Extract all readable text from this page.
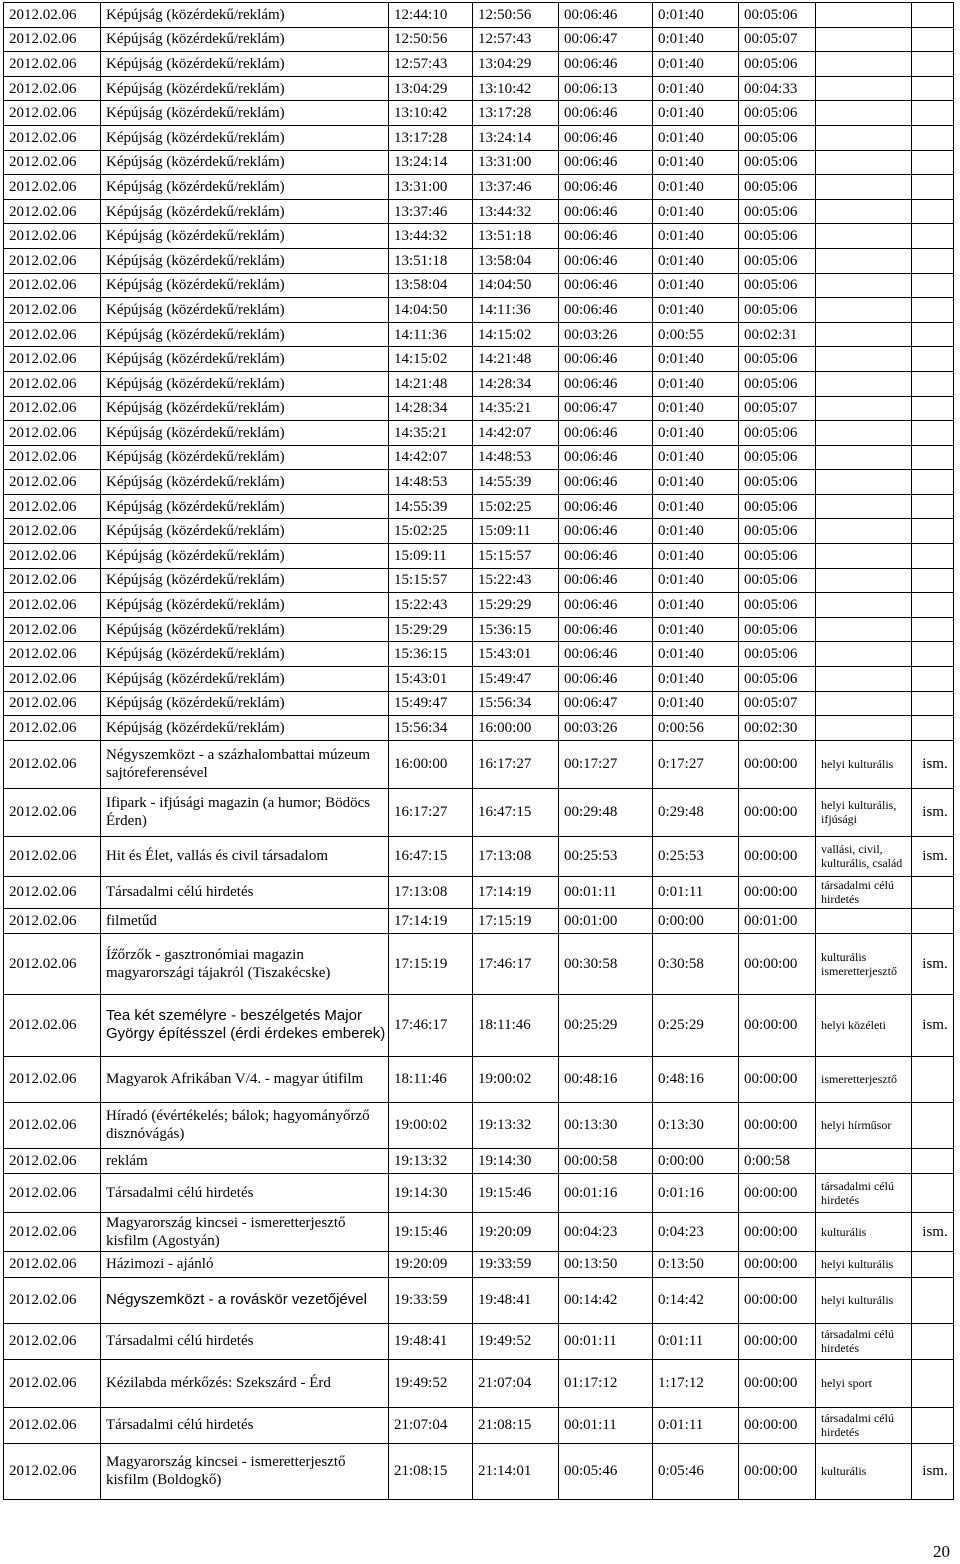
2012.02.06	Képújság (közérdekű/reklám)	12:44:10	12:50:56	00:06:46	0:01:40	00:05:06		
2012.02.06	Képújság (közérdekű/reklám)	12:50:56	12:57:43	00:06:47	0:01:40	00:05:07		
2012.02.06	Képújság (közérdekű/reklám)	12:57:43	13:04:29	00:06:46	0:01:40	00:05:06		
2012.02.06	Képújság (közérdekű/reklám)	13:04:29	13:10:42	00:06:13	0:01:40	00:04:33		
2012.02.06	Képújság (közérdekű/reklám)	13:10:42	13:17:28	00:06:46	0:01:40	00:05:06		
2012.02.06	Képújság (közérdekű/reklám)	13:17:28	13:24:14	00:06:46	0:01:40	00:05:06		
2012.02.06	Képújság (közérdekű/reklám)	13:24:14	13:31:00	00:06:46	0:01:40	00:05:06		
2012.02.06	Képújság (közérdekű/reklám)	13:31:00	13:37:46	00:06:46	0:01:40	00:05:06		
2012.02.06	Képújság (közérdekű/reklám)	13:37:46	13:44:32	00:06:46	0:01:40	00:05:06		
2012.02.06	Képújság (közérdekű/reklám)	13:44:32	13:51:18	00:06:46	0:01:40	00:05:06		
2012.02.06	Képújság (közérdekű/reklám)	13:51:18	13:58:04	00:06:46	0:01:40	00:05:06		
2012.02.06	Képújság (közérdekű/reklám)	13:58:04	14:04:50	00:06:46	0:01:40	00:05:06		
2012.02.06	Képújság (közérdekű/reklám)	14:04:50	14:11:36	00:06:46	0:01:40	00:05:06		
2012.02.06	Képújság (közérdekű/reklám)	14:11:36	14:15:02	00:03:26	0:00:55	00:02:31		
2012.02.06	Képújság (közérdekű/reklám)	14:15:02	14:21:48	00:06:46	0:01:40	00:05:06		
2012.02.06	Képújság (közérdekű/reklám)	14:21:48	14:28:34	00:06:46	0:01:40	00:05:06		
2012.02.06	Képújság (közérdekű/reklám)	14:28:34	14:35:21	00:06:47	0:01:40	00:05:07		
2012.02.06	Képújság (közérdekű/reklám)	14:35:21	14:42:07	00:06:46	0:01:40	00:05:06		
2012.02.06	Képújság (közérdekű/reklám)	14:42:07	14:48:53	00:06:46	0:01:40	00:05:06		
2012.02.06	Képújság (közérdekű/reklám)	14:48:53	14:55:39	00:06:46	0:01:40	00:05:06		
2012.02.06	Képújság (közérdekű/reklám)	14:55:39	15:02:25	00:06:46	0:01:40	00:05:06		
2012.02.06	Képújság (közérdekű/reklám)	15:02:25	15:09:11	00:06:46	0:01:40	00:05:06		
2012.02.06	Képújság (közérdekű/reklám)	15:09:11	15:15:57	00:06:46	0:01:40	00:05:06		
2012.02.06	Képújság (közérdekű/reklám)	15:15:57	15:22:43	00:06:46	0:01:40	00:05:06		
2012.02.06	Képújság (közérdekű/reklám)	15:22:43	15:29:29	00:06:46	0:01:40	00:05:06		
2012.02.06	Képújság (közérdekű/reklám)	15:29:29	15:36:15	00:06:46	0:01:40	00:05:06		
2012.02.06	Képújság (közérdekű/reklám)	15:36:15	15:43:01	00:06:46	0:01:40	00:05:06		
2012.02.06	Képújság (közérdekű/reklám)	15:43:01	15:49:47	00:06:46	0:01:40	00:05:06		
2012.02.06	Képújság (közérdekű/reklám)	15:49:47	15:56:34	00:06:47	0:01:40	00:05:07		
2012.02.06	Képújság (közérdekű/reklám)	15:56:34	16:00:00	00:03:26	0:00:56	00:02:30		
2012.02.06	Négyszemközt - a százhalombattai múzeum sajtóreferensével	16:00:00	16:17:27	00:17:27	0:17:27	00:00:00	helyi kulturális	ism.
2012.02.06	Ifipark - ifjúsági magazin (a humor; Bödöcs Érden)	16:17:27	16:47:15	00:29:48	0:29:48	00:00:00	helyi kulturális, ifjúsági	ism.
2012.02.06	Hit és Élet, vallás és civil társadalom	16:47:15	17:13:08	00:25:53	0:25:53	00:00:00	vallási, civil, kulturális, család	ism.
2012.02.06	Társadalmi célú hirdetés	17:13:08	17:14:19	00:01:11	0:01:11	00:00:00	társadalmi célú hirdetés	
2012.02.06	filmetűd	17:14:19	17:15:19	00:01:00	0:00:00	00:01:00		
2012.02.06	Íz̋őrzők - gasztronómiai magazin magyarországi tájakról (Tiszakécske)	17:15:19	17:46:17	00:30:58	0:30:58	00:00:00	kulturális ismeretterjesztő	ism.
2012.02.06	Tea két személyre - beszélgetés Major György építésszel (érdi érdekes emberek)	17:46:17	18:11:46	00:25:29	0:25:29	00:00:00	helyi közéleti	ism.
2012.02.06	Magyarok Afrikában V/4. - magyar útifilm	18:11:46	19:00:02	00:48:16	0:48:16	00:00:00	ismeretterjesztő	
2012.02.06	Híradó (évértékelés; bálok; hagyományőrző disznóvágás)	19:00:02	19:13:32	00:13:30	0:13:30	00:00:00	helyi hírműsor	
2012.02.06	reklám	19:13:32	19:14:30	00:00:58	0:00:00	0:00:58		
2012.02.06	Társadalmi célú hirdetés	19:14:30	19:15:46	00:01:16	0:01:16	00:00:00	társadalmi célú hirdetés	
2012.02.06	Magyarország kincsei - ismeretterjesztő kisfilm (Agostyán)	19:15:46	19:20:09	00:04:23	0:04:23	00:00:00	kulturális	ism.
2012.02.06	Házimozi - ajánló	19:20:09	19:33:59	00:13:50	0:13:50	00:00:00	helyi kulturális	
2012.02.06	Négyszemközt - a rováskör vezetőjével	19:33:59	19:48:41	00:14:42	0:14:42	00:00:00	helyi kulturális	
2012.02.06	Társadalmi célú hirdetés	19:48:41	19:49:52	00:01:11	0:01:11	00:00:00	társadalmi célú hirdetés	
2012.02.06	Kézilabda mérkőzés: Szekszárd - Érd	19:49:52	21:07:04	01:17:12	1:17:12	00:00:00	helyi sport	
2012.02.06	Társadalmi célú hirdetés	21:07:04	21:08:15	00:01:11	0:01:11	00:00:00	társadalmi célú hirdetés	
2012.02.06	Magyarország kincsei - ismeretterjesztő kisfilm (Boldogkő)	21:08:15	21:14:01	00:05:46	0:05:46	00:00:00	kulturális	ism.
20
